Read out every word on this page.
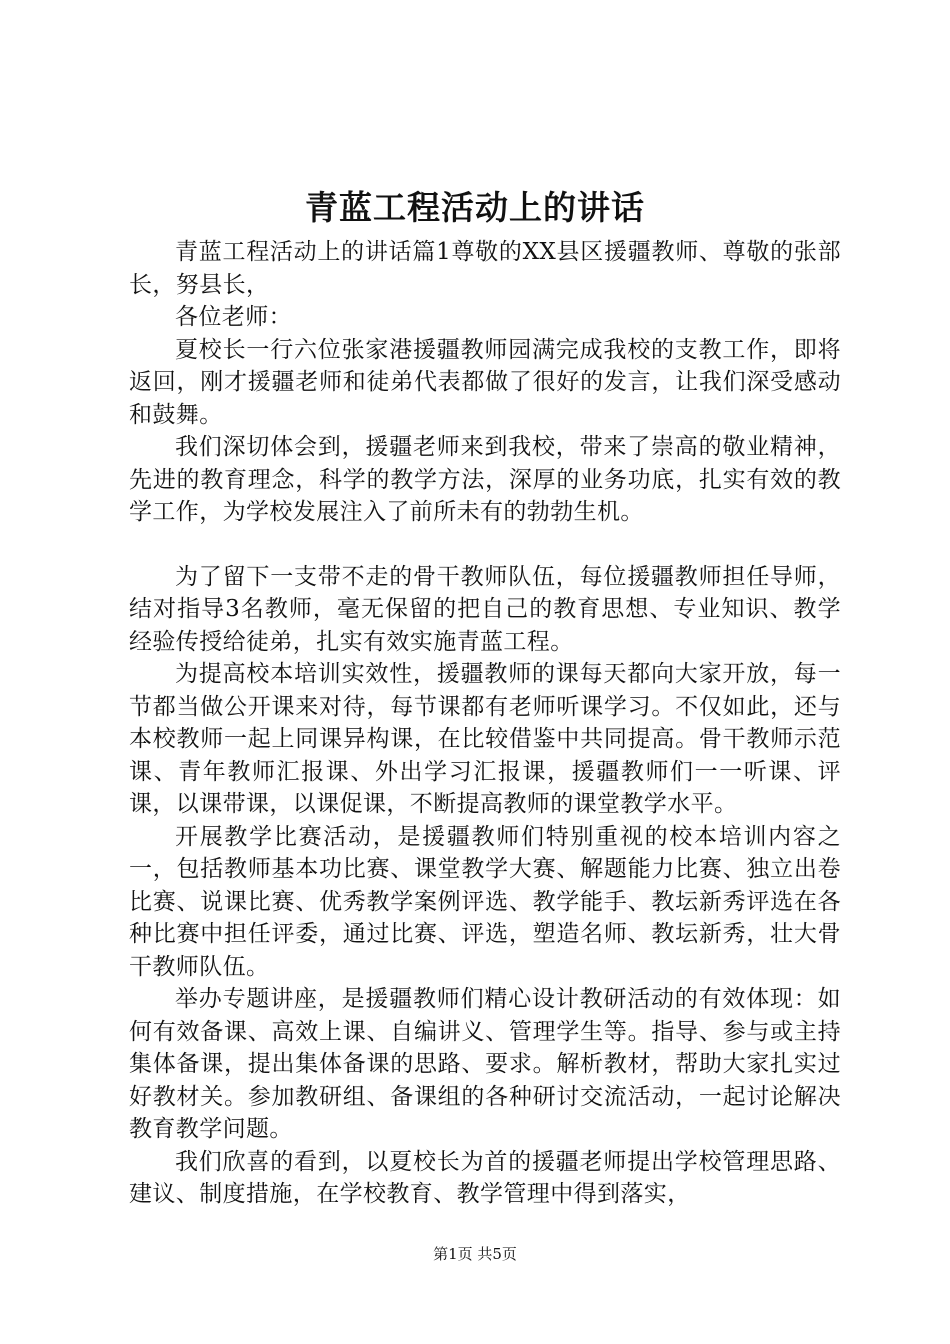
青蓝工程活动上的讲话

青蓝工程活动上的讲话篇1尊敬的XX县区援疆教师、尊敬的张部长，努县长，

各位老师：

夏校长一行六位张家港援疆教师园满完成我校的支教工作，即将返回，刚才援疆老师和徒弟代表都做了很好的发言，让我们深受感动和鼓舞。

我们深切体会到，援疆老师来到我校，带来了崇高的敬业精神，先进的教育理念，科学的教学方法，深厚的业务功底，扎实有效的教学工作，为学校发展注入了前所未有的勃勃生机。

为了留下一支带不走的骨干教师队伍，每位援疆教师担任导师，结对指导3名教师，毫无保留的把自己的教育思想、专业知识、教学经验传授给徒弟，扎实有效实施青蓝工程。

为提高校本培训实效性，援疆教师的课每天都向大家开放，每一节都当做公开课来对待，每节课都有老师听课学习。不仅如此，还与本校教师一起上同课异构课，在比较借鉴中共同提高。骨干教师示范课、青年教师汇报课、外出学习汇报课，援疆教师们一一听课、评课，以课带课，以课促课，不断提高教师的课堂教学水平。

开展教学比赛活动，是援疆教师们特别重视的校本培训内容之一，包括教师基本功比赛、课堂教学大赛、解题能力比赛、独立出卷比赛、说课比赛、优秀教学案例评选、教学能手、教坛新秀评选在各种比赛中担任评委，通过比赛、评选，塑造名师、教坛新秀，壮大骨干教师队伍。

举办专题讲座，是援疆教师们精心设计教研活动的有效体现：如何有效备课、高效上课、自编讲义、管理学生等。指导、参与或主持集体备课，提出集体备课的思路、要求。解析教材，帮助大家扎实过好教材关。参加教研组、备课组的各种研讨交流活动，一起讨论解决教育教学问题。

我们欣喜的看到，以夏校长为首的援疆老师提出学校管理思路、建议、制度措施，在学校教育、教学管理中得到落实，

第1页 共5页
